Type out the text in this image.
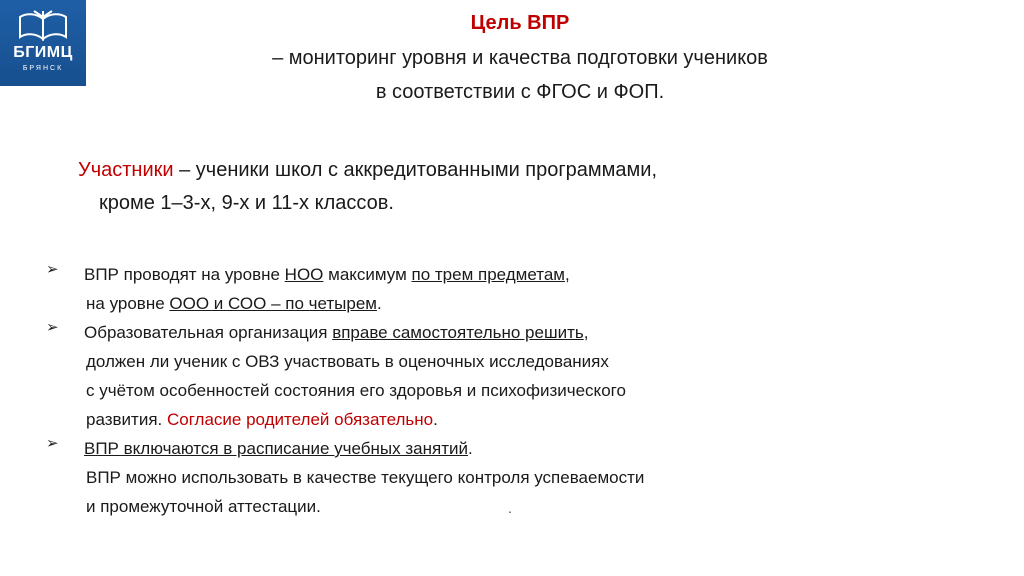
БГИМЦ
БРЯНСК
Цель ВПР
– мониторинг уровня и качества подготовки учеников
в соответствии с ФГОС и ФОП.
Участники – ученики школ с аккредитованными программами,
кроме 1–3-х, 9-х и 11-х классов.
➢ ВПР проводят на уровне НОО максимум по трем предметам,
на уровне ООО и СОО – по четырем.
➢ Образовательная организация вправе самостоятельно решить,
должен ли ученик с ОВЗ участвовать в оценочных исследованиях
с учётом особенностей состояния его здоровья и психофизического
развития. Согласие родителей обязательно.
➢ ВПР включаются в расписание учебных занятий.
ВПР можно использовать в качестве текущего контроля успеваемости
и промежуточной аттестации.	.
